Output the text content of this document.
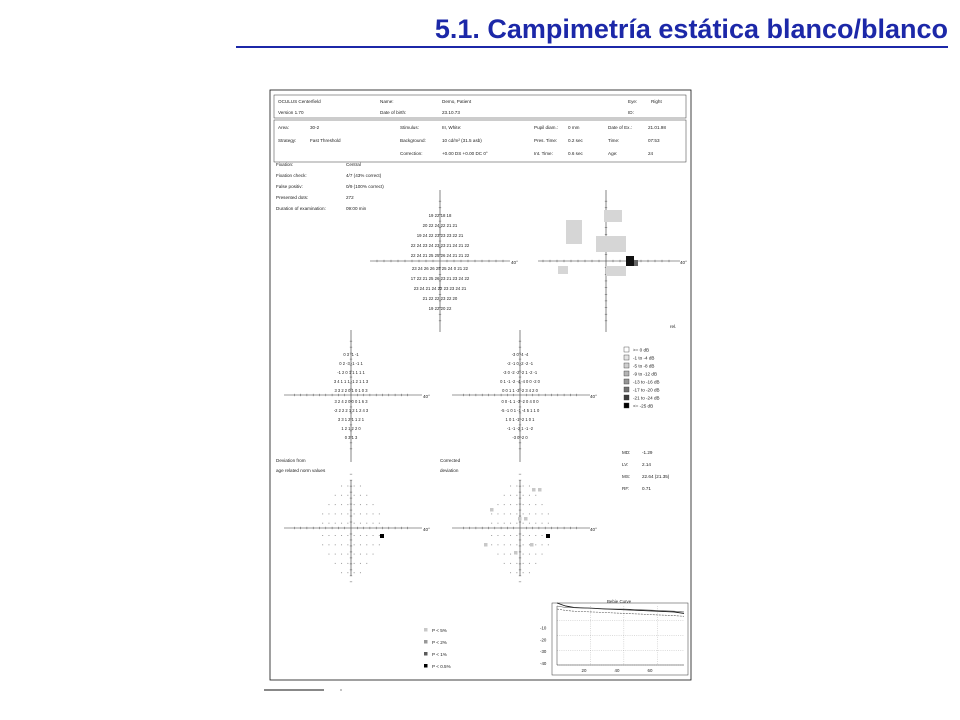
5.1. Campimetría estática blanco/blanco
OCULUS Centerfield
Version 1.70
Name:	Demo, Patient
Date of birth:	23.10.73
Eye:	Right
ID:
Area:	30-2
Strategy:	Fast Threshold
Stimulus:	III, White:
Background:	10 cd/m² (31.5 asb)
Correction:	+0.00 DS +0.00 DC 0°
Pupil diam.: 0 mm
Pres. Time: 0.2 sec
Int. Time:	0.6 sec
Date of Ex.:	21.01.98
Time:	07:53
Age:	24
Fixation:	Central
Fixation check:	4/7 (43% correct)
False positiv:	0/9 (100% correct)
Presented dots:	272
Duration of examination:	09:00 min
40°	40°
rel.
40°	40°
40°	40°
19 22 18 18
20 22 24 22 21 21
19 24 22 23 23 23 22 21
22 24 23 24 23 23 21 24 21 22
22 24 21 25 25 26 24 21 21 22
23 24 26 26 25 25 24 0 21 22
17 22 21 25 26 23 21 23 24 22
23 24 21 24 22 23 23 24 21
21 22 22 23 22 20
19 22 20 22
0 3 -1 -1
0 2 -3 -1 -1 1
-1 2 0 1 1 1 1 1
3 4 1 1 1 -1 2 1 1 3
3 3 2 2 0 1 0 1 0 3
3 2 4 2 0 0 0 1 6 3
-2 2 2 2 1 2 1 2 4 3
3 3 1 2 1 1 2 1
1 2 1 2 2 0
0 3 1 3
-3 0 -4 -4
-2 -1 0 -2 -2 -1
-3 0 -2 -2 -2 1 -2 -1
0 1 -1 -2 -4 -4 0 0 -2 0
0 0 1 1 -3 -2 3 4 2 0
0 0 -1 1 -3 -2 0 4 0 0
-5 -1 0 1 -1 -4 5 1 1 0
1 0 1 -1 -2 1 0 1
-1 -1 -2 1 -1 -2
-3 0 -2 0
>= 0 dB
-1 to -4 dB
-5 to -8 dB
-9 to -12 dB
-13 to -16 dB
-17 to -20 dB
-21 to -24 dB
<= -25 dB
MD:	-1.29
LV:	2.14
MS:	22.64 (21.35)
RF:	0.71
Deviation from
age related norm values
Corrected
deviation
P < 5%
P < 2%
P < 1%
P < 0.5%
Bebie Curve
-10
-20
-30
-40
20	40	60
